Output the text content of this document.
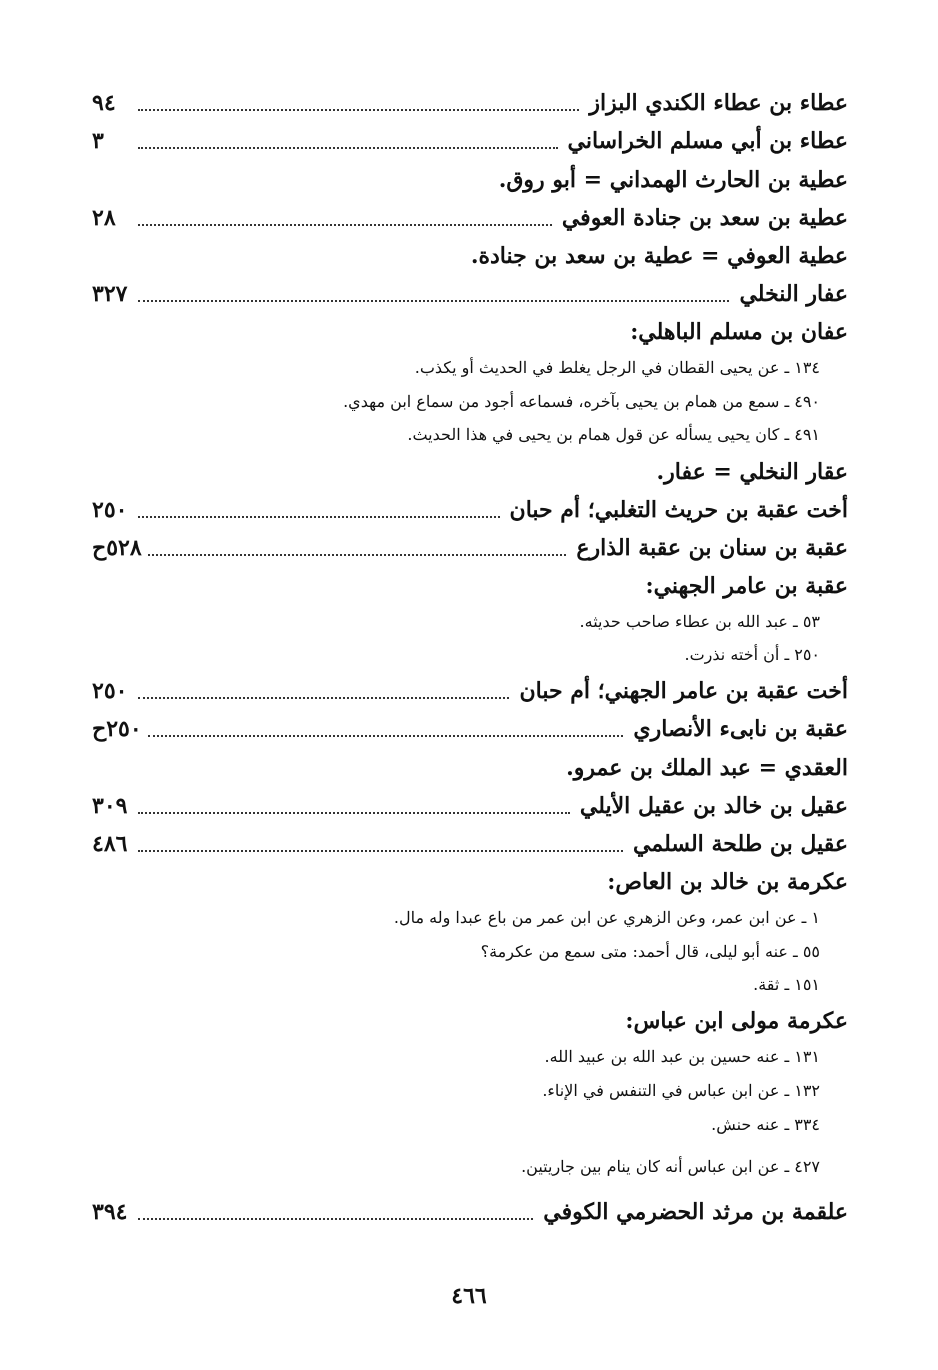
عطاء بن عطاء الكندي البزاز
٩٤
عطاء بن أبي مسلم الخراساني
٣
عطية بن الحارث الهمداني = أبو روق.
عطية بن سعد بن جنادة العوفي
٢٨
عطية العوفي = عطية بن سعد بن جنادة.
عفار النخلي
٣٢٧
عفان بن مسلم الباهلي:
١٣٤ ـ عن يحيى القطان في الرجل يغلط في الحديث أو يكذب.
٤٩٠ ـ سمع من همام بن يحيى بآخره، فسماعه أجود من سماع ابن مهدي.
٤٩١ ـ كان يحيى يسأله عن قول همام بن يحيى في هذا الحديث.
عقار النخلي = عفار.
أخت عقبة بن حريث التغلبي؛ أم حبان
٢٥٠
عقبة بن سنان بن عقبة الذارع
٥٢٨ح
عقبة بن عامر الجهني:
٥٣ ـ عبد الله بن عطاء صاحب حديثه.
٢٥٠ ـ أن أخته نذرت.
أخت عقبة بن عامر الجهني؛ أم حبان
٢٥٠
عقبة بن نابىء الأنصاري
٢٥٠ح
العقدي = عبد الملك بن عمرو.
عقيل بن خالد بن عقيل الأيلي
٣٠٩
عقيل بن طلحة السلمي
٤٨٦
عكرمة بن خالد بن العاص:
١ ـ عن ابن عمر، وعن الزهري عن ابن عمر من باع عبدا وله مال.
٥٥ ـ عنه أبو ليلى، قال أحمد: متى سمع من عكرمة؟
١٥١ ـ ثقة.
عكرمة مولى ابن عباس:
١٣١ ـ عنه حسين بن عبد الله بن عبيد الله.
١٣٢ ـ عن ابن عباس في التنفس في الإناء.
٣٣٤ ـ عنه حنش.
٤٢٧ ـ عن ابن عباس أنه كان ينام بين جاريتين.
علقمة بن مرثد الحضرمي الكوفي
٣٩٤
٤٦٦
